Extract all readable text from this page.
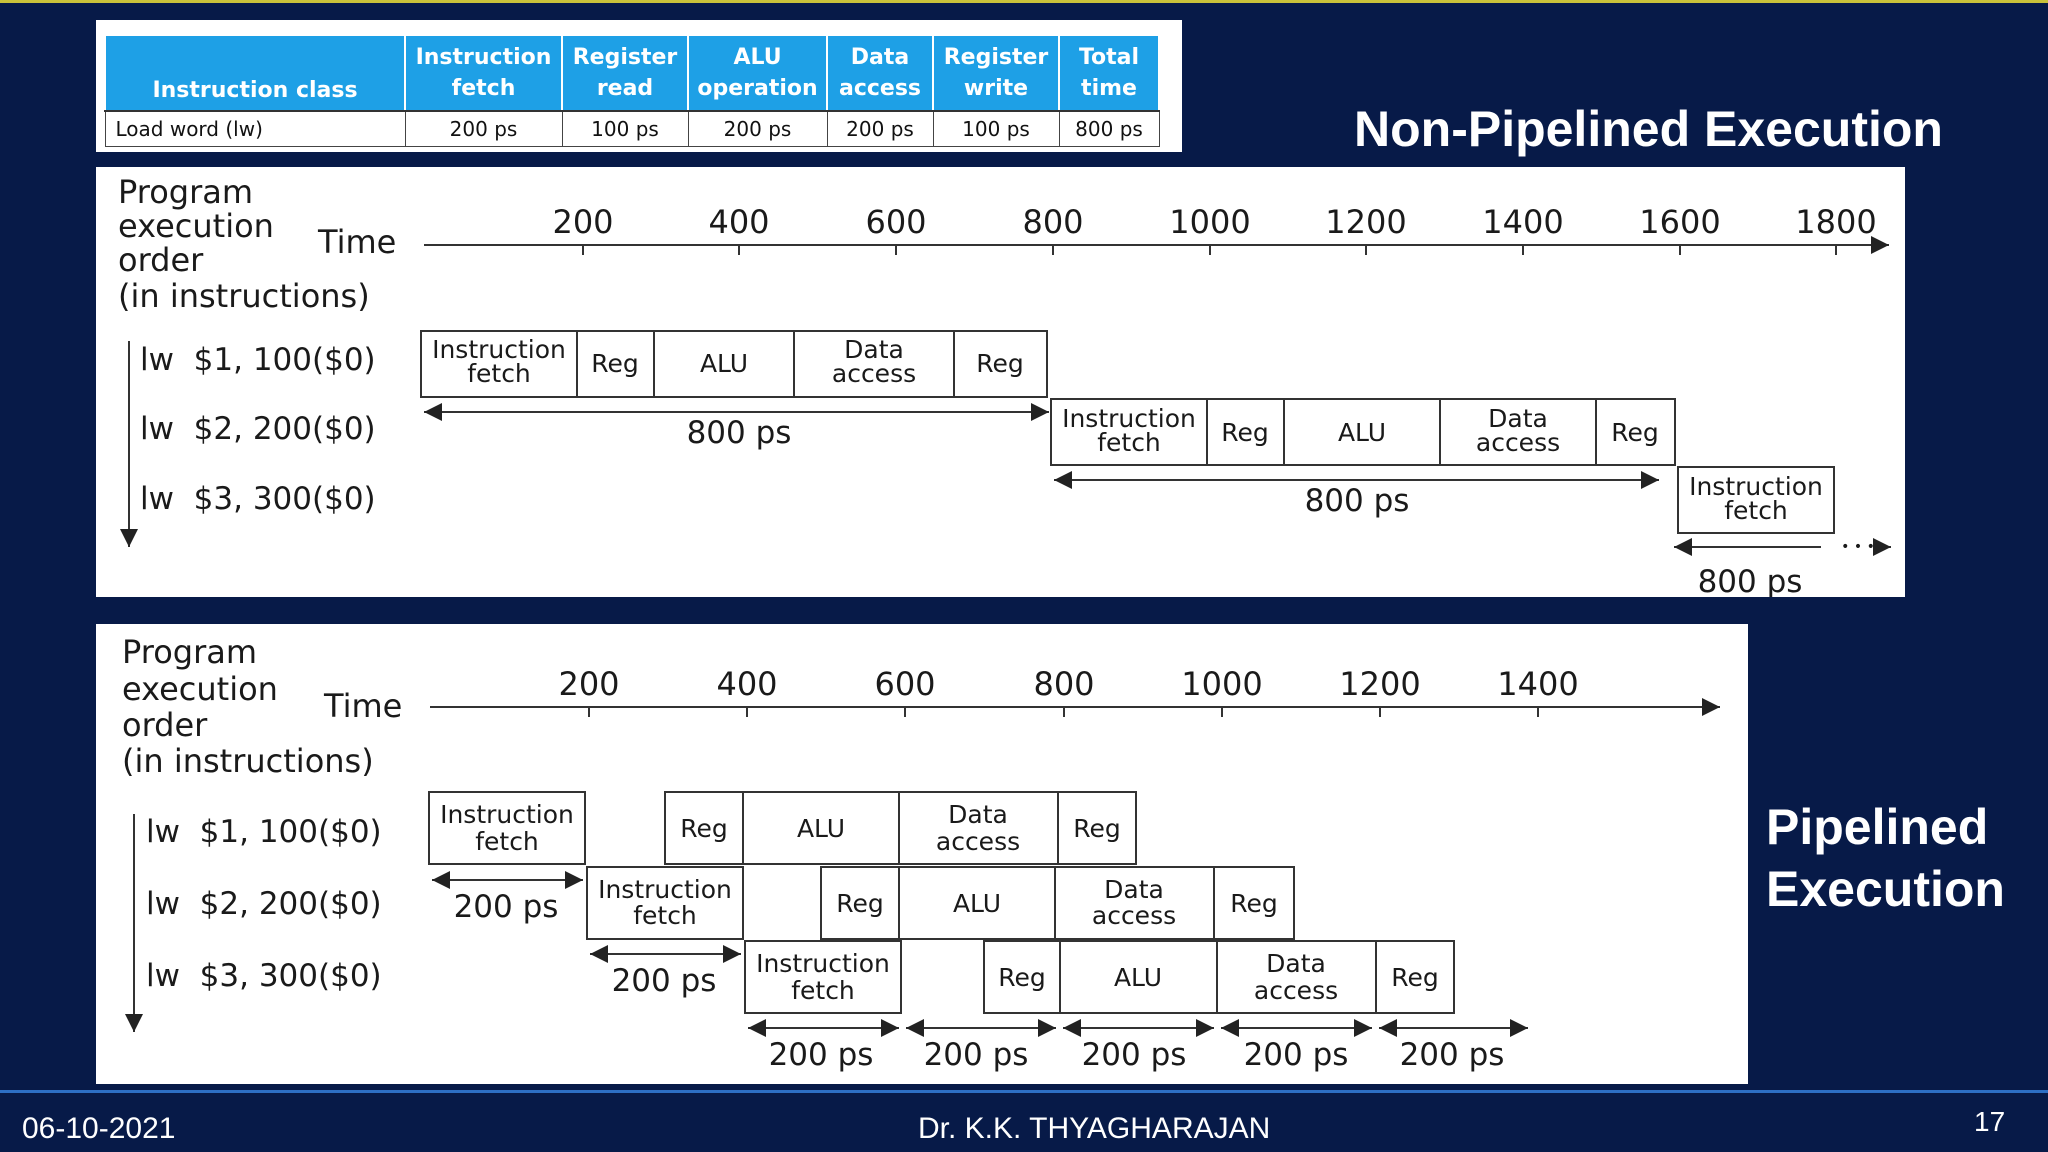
Instruction class	Instruction fetch	Register read	ALU operation	Data access	Register write	Total time
Load word (lw)	200 ps	100 ps	200 ps	200 ps	100 ps	800 ps	Non-Pipelined Execution
Program
execution
order
(in instructions)
Time
200	400	600	800	1000 1200 1400 1600 1800
lw  $1, 100($0)
lw  $2, 200($0)
lw  $3, 300($0)
Instruction
fetch Reg ALU	Data
access Reg
Instruction
fetch Reg	ALU	Data
access Reg
Instruction
fetch
800 ps
800 ps
• • •
800 ps
Program
execution
order
(in instructions)
Time
200	400	600	800	1000 1200 1400
lw  $1, 100($0)
lw  $2, 200($0)
lw  $3, 300($0)
Instruction
fetch	Reg	ALU	Data
access Reg
Instruction
fetch	Reg	ALU	Data
access Reg
Instruction
fetch	Reg	ALU	Data
access Reg
200 ps
200 ps
200 ps 200 ps 200 ps 200 ps 200 ps
Pipelined
Execution
06-10-2021	Dr. K.K. THYAGHARAJAN	17
